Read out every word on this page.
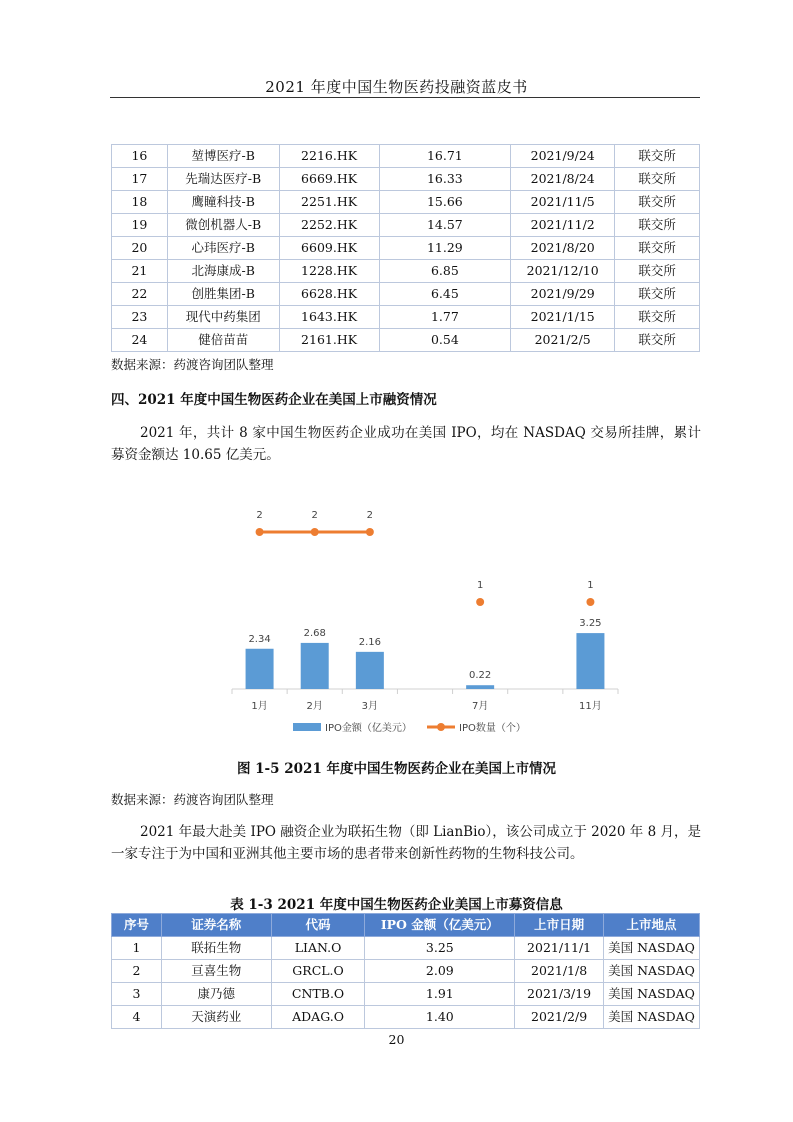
2021 年度中国生物医药投融资蓝皮书
16	堃博医疗-B	2216.HK	16.71	2021/9/24	联交所
17	先瑞达医疗-B	6669.HK	16.33	2021/8/24	联交所
18	鹰瞳科技-B	2251.HK	15.66	2021/11/5	联交所
19	微创机器人-B	2252.HK	14.57	2021/11/2	联交所
20	心玮医疗-B	6609.HK	11.29	2021/8/20	联交所
21	北海康成-B	1228.HK	6.85	2021/12/10	联交所
22	创胜集团-B	6628.HK	6.45	2021/9/29	联交所
23	现代中药集团	1643.HK	1.77	2021/1/15	联交所
24	健倍苗苗	2161.HK	0.54	2021/2/5	联交所
数据来源：药渡咨询团队整理
四、2021 年度中国生物医药企业在美国上市融资情况
2021 年，共计 8 家中国生物医药企业成功在美国 IPO，均在 NASDAQ 交易所挂牌，累计募资金额达 10.65 亿美元。
2.34
1月
2.68
2月
2.16
3月
0.22
7月
3.25
11月
2	2	2
1	1
IPO金额（亿美元）	IPO数量（个）
图 1-5 2021 年度中国生物医药企业在美国上市情况
数据来源：药渡咨询团队整理
2021 年最大赴美 IPO 融资企业为联拓生物（即 LianBio），该公司成立于 2020 年 8 月，是一家专注于为中国和亚洲其他主要市场的患者带来创新性药物的生物科技公司。
表 1-3 2021 年度中国生物医药企业美国上市募资信息
序号	证券名称	代码	IPO 金额（亿美元）	上市日期	上市地点
1	联拓生物	LIAN.O	3.25	2021/11/1	美国 NASDAQ
2	亘喜生物	GRCL.O	2.09	2021/1/8	美国 NASDAQ
3	康乃德	CNTB.O	1.91	2021/3/19	美国 NASDAQ
4	天演药业	ADAG.O	1.40	2021/2/9	美国 NASDAQ
20
